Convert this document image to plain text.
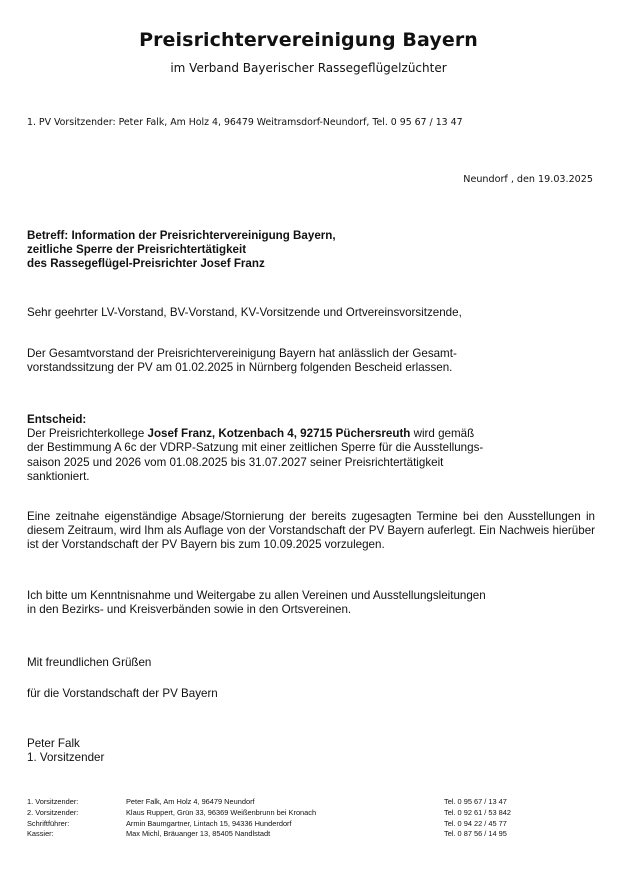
Preisrichtervereinigung Bayern
im Verband Bayerischer Rassegeflügelzüchter
1. PV Vorsitzender: Peter Falk, Am Holz 4, 96479 Weitramsdorf-Neundorf, Tel. 0 95 67 / 13 47
Neundorf , den 19.03.2025
Betreff: Information der Preisrichtervereinigung Bayern,
zeitliche Sperre der Preisrichtertätigkeit
des Rassegeflügel-Preisrichter Josef Franz
Sehr geehrter LV-Vorstand, BV-Vorstand, KV-Vorsitzende und Ortvereinsvorsitzende,
Der Gesamtvorstand der Preisrichtervereinigung Bayern hat anlässlich der Gesamt-
vorstandssitzung der PV am 01.02.2025 in Nürnberg folgenden Bescheid erlassen.
Entscheid:
Der Preisrichterkollege Josef Franz, Kotzenbach 4, 92715 Püchersreuth wird gemäß
der Bestimmung A 6c der VDRP-Satzung mit einer zeitlichen Sperre für die Ausstellungs-
saison 2025 und 2026 vom 01.08.2025 bis 31.07.2027 seiner Preisrichtertätigkeit
sanktioniert.
Eine zeitnahe eigenständige Absage/Stornierung der bereits zugesagten Termine bei den Ausstellungen in diesem Zeitraum, wird Ihm als Auflage von der Vorstandschaft der PV Bayern auferlegt. Ein Nachweis hierüber ist der Vorstandschaft der PV Bayern bis zum 10.09.2025 vorzulegen.
Ich bitte um Kenntnisnahme und Weitergabe zu allen Vereinen und Ausstellungsleitungen
in den Bezirks- und Kreisverbänden sowie in den Ortsvereinen.
Mit freundlichen Grüßen
für die Vorstandschaft der PV Bayern
Peter Falk
1. Vorsitzender
1. Vorsitzender:	Peter Falk, Am Holz 4, 96479 Neundorf	Tel. 0 95 67 / 13 47
2. Vorsitzender:	Klaus Ruppert, Grün 33, 96369 Weißenbrunn bei Kronach	Tel. 0 92 61 / 53 842
Schriftführer:	Armin Baumgartner, Lintach 15, 94336 Hunderdorf	Tel. 0 94 22 / 45 77
Kassier:	Max Michl, Bräuanger 13, 85405 Nandlstadt	Tel. 0 87 56 / 14 95
